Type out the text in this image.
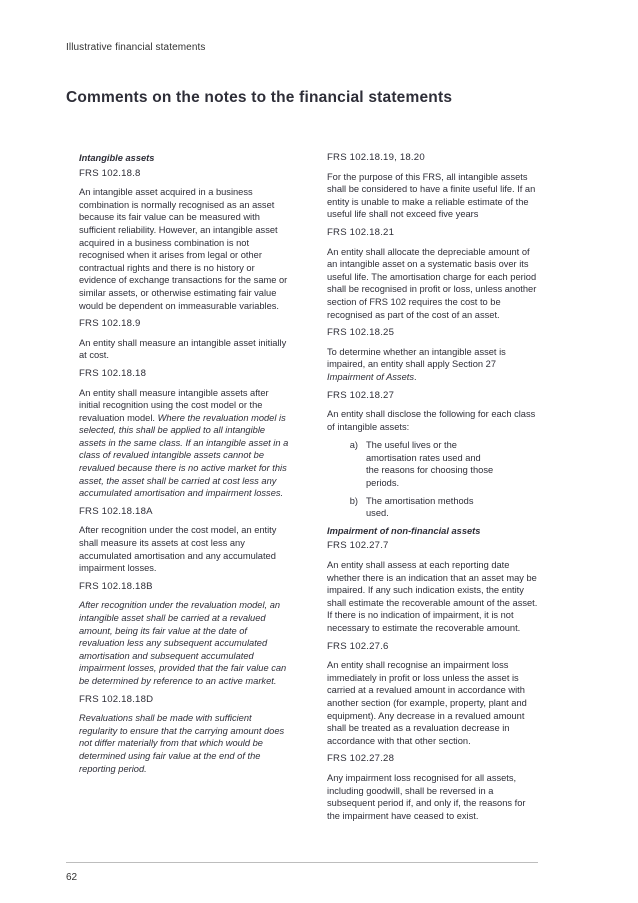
Illustrative financial statements
Comments on the notes to the financial statements

Intangible assets

FRS 102.18.8

An intangible asset acquired in a business combination is normally recognised as an asset because its fair value can be measured with sufficient reliability. However, an intangible asset acquired in a business combination is not recognised when it arises from legal or other contractual rights and there is no history or evidence of exchange transactions for the same or similar assets, or otherwise estimating fair value would be dependent on immeasurable variables.

FRS 102.18.9

An entity shall measure an intangible asset initially at cost.

FRS 102.18.18

An entity shall measure intangible assets after initial recognition using the cost model or the revaluation model. Where the revaluation model is selected, this shall be applied to all intangible assets in the same class. If an intangible asset in a class of revalued intangible assets cannot be revalued because there is no active market for this asset, the asset shall be carried at cost less any accumulated amortisation and impairment losses.

FRS 102.18.18A

After recognition under the cost model, an entity shall measure its assets at cost less any accumulated amortisation and any accumulated impairment losses.

FRS 102.18.18B

After recognition under the revaluation model, an intangible asset shall be carried at a revalued amount, being its fair value at the date of revaluation less any subsequent accumulated amortisation and subsequent accumulated impairment losses, provided that the fair value can be determined by reference to an active market.

FRS 102.18.18D

Revaluations shall be made with sufficient regularity to ensure that the carrying amount does not differ materially from that which would be determined using fair value at the end of the reporting period.

FRS 102.18.19, 18.20

For the purpose of this FRS, all intangible assets shall be considered to have a finite useful life. If an entity is unable to make a reliable estimate of the useful life shall not exceed five years

FRS 102.18.21

An entity shall allocate the depreciable amount of an intangible asset on a systematic basis over its useful life. The amortisation charge for each period shall be recognised in profit or loss, unless another section of FRS 102 requires the cost to be recognised as part of the cost of an asset.

FRS 102.18.25

To determine whether an intangible asset is impaired, an entity shall apply Section 27 Impairment of Assets.

FRS 102.18.27

An entity shall disclose the following for each class of intangible assets:

a) The useful lives or the amortisation rates used and the reasons for choosing those periods.
b) The amortisation methods used.

Impairment of non-financial assets

FRS 102.27.7

An entity shall assess at each reporting date whether there is an indication that an asset may be impaired. If any such indication exists, the entity shall estimate the recoverable amount of the asset. If there is no indication of impairment, it is not necessary to estimate the recoverable amount.

FRS 102.27.6

An entity shall recognise an impairment loss immediately in profit or loss unless the asset is carried at a revalued amount in accordance with another section (for example, property, plant and equipment). Any decrease in a revalued amount shall be treated as a revaluation decrease in accordance with that other section.

FRS 102.27.28

Any impairment loss recognised for all assets, including goodwill, shall be reversed in a subsequent period if, and only if, the reasons for the impairment have ceased to exist.

62
